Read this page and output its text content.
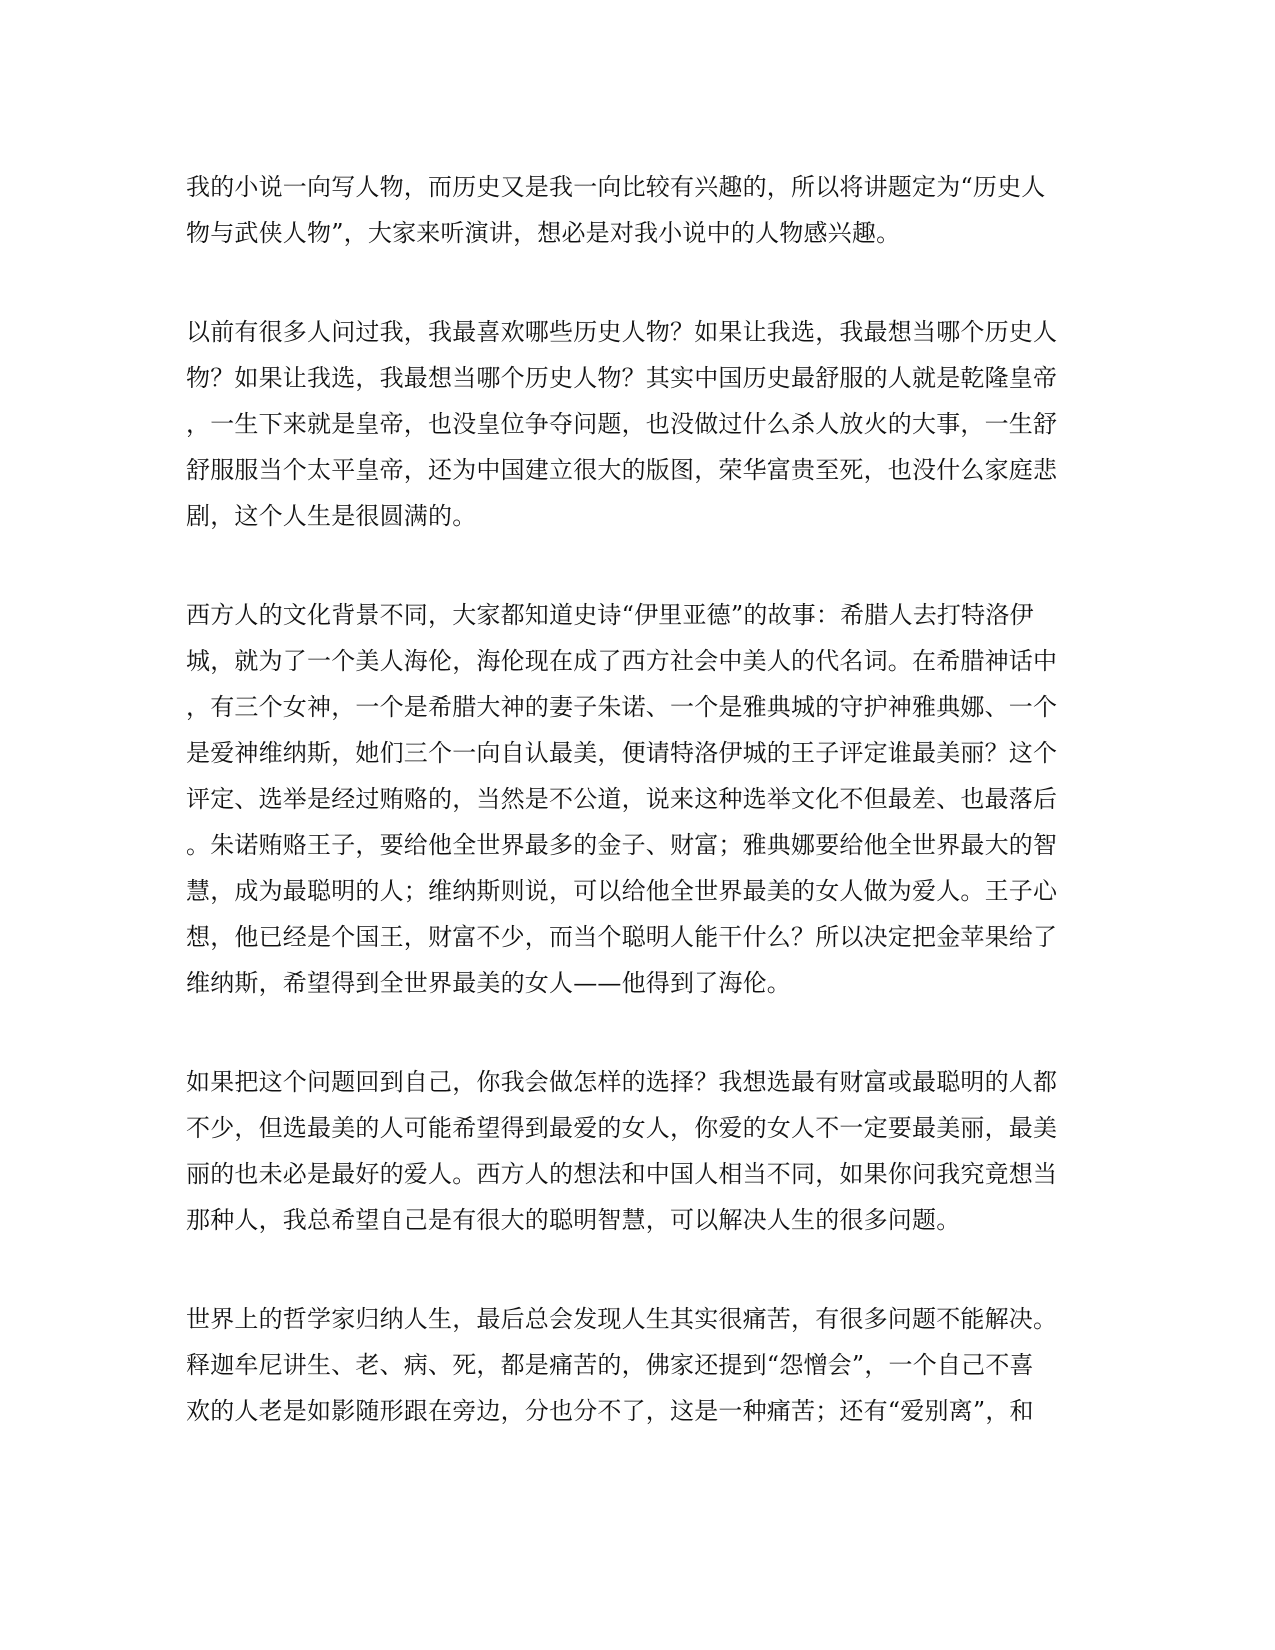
我的小说一向写人物，而历史又是我一向比较有兴趣的，所以将讲题定为“历史人
物与武侠人物”，大家来听演讲，想必是对我小说中的人物感兴趣。
以前有很多人问过我，我最喜欢哪些历史人物？如果让我选，我最想当哪个历史人
物？如果让我选，我最想当哪个历史人物？其实中国历史最舒服的人就是乾隆皇帝
，一生下来就是皇帝，也没皇位争夺问题，也没做过什么杀人放火的大事，一生舒
舒服服当个太平皇帝，还为中国建立很大的版图，荣华富贵至死，也没什么家庭悲
剧，这个人生是很圆满的。
西方人的文化背景不同，大家都知道史诗“伊里亚德”的故事：希腊人去打特洛伊
城，就为了一个美人海伦，海伦现在成了西方社会中美人的代名词。在希腊神话中
，有三个女神，一个是希腊大神的妻子朱诺、一个是雅典城的守护神雅典娜、一个
是爱神维纳斯，她们三个一向自认最美，便请特洛伊城的王子评定谁最美丽？这个
评定、选举是经过贿赂的，当然是不公道，说来这种选举文化不但最差、也最落后
。朱诺贿赂王子，要给他全世界最多的金子、财富；雅典娜要给他全世界最大的智
慧，成为最聪明的人；维纳斯则说，可以给他全世界最美的女人做为爱人。王子心
想，他已经是个国王，财富不少，而当个聪明人能干什么？所以决定把金苹果给了
维纳斯，希望得到全世界最美的女人——他得到了海伦。
如果把这个问题回到自己，你我会做怎样的选择？我想选最有财富或最聪明的人都
不少，但选最美的人可能希望得到最爱的女人，你爱的女人不一定要最美丽，最美
丽的也未必是最好的爱人。西方人的想法和中国人相当不同，如果你问我究竟想当
那种人，我总希望自己是有很大的聪明智慧，可以解决人生的很多问题。
世界上的哲学家归纳人生，最后总会发现人生其实很痛苦，有很多问题不能解决。
释迦牟尼讲生、老、病、死，都是痛苦的，佛家还提到“怨憎会”，一个自己不喜
欢的人老是如影随形跟在旁边，分也分不了，这是一种痛苦；还有“爱别离”，和
